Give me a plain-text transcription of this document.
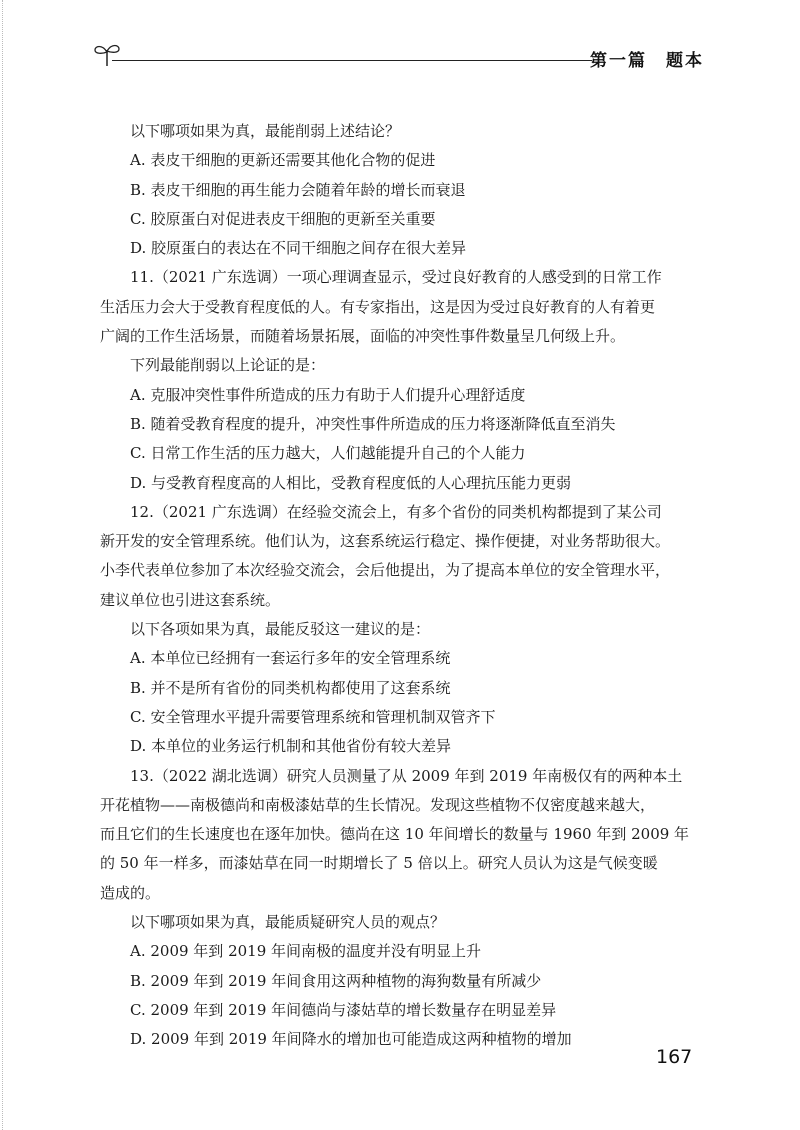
第一篇　题本

以下哪项如果为真，最能削弱上述结论？

A. 表皮干细胞的更新还需要其他化合物的促进

B. 表皮干细胞的再生能力会随着年龄的增长而衰退

C. 胶原蛋白对促进表皮干细胞的更新至关重要

D. 胶原蛋白的表达在不同干细胞之间存在很大差异

11.（2021 广东选调）一项心理调查显示，受过良好教育的人感受到的日常工作

生活压力会大于受教育程度低的人。有专家指出，这是因为受过良好教育的人有着更

广阔的工作生活场景，而随着场景拓展，面临的冲突性事件数量呈几何级上升。

下列最能削弱以上论证的是：

A. 克服冲突性事件所造成的压力有助于人们提升心理舒适度

B. 随着受教育程度的提升，冲突性事件所造成的压力将逐渐降低直至消失

C. 日常工作生活的压力越大，人们越能提升自己的个人能力

D. 与受教育程度高的人相比，受教育程度低的人心理抗压能力更弱

12.（2021 广东选调）在经验交流会上，有多个省份的同类机构都提到了某公司

新开发的安全管理系统。他们认为，这套系统运行稳定、操作便捷，对业务帮助很大。

小李代表单位参加了本次经验交流会，会后他提出，为了提高本单位的安全管理水平，

建议单位也引进这套系统。

以下各项如果为真，最能反驳这一建议的是：

A. 本单位已经拥有一套运行多年的安全管理系统

B. 并不是所有省份的同类机构都使用了这套系统

C. 安全管理水平提升需要管理系统和管理机制双管齐下

D. 本单位的业务运行机制和其他省份有较大差异

13.（2022 湖北选调）研究人员测量了从 2009 年到 2019 年南极仅有的两种本土

开花植物——南极德尚和南极漆姑草的生长情况。发现这些植物不仅密度越来越大，

而且它们的生长速度也在逐年加快。德尚在这 10 年间增长的数量与 1960 年到 2009 年

的 50 年一样多，而漆姑草在同一时期增长了 5 倍以上。研究人员认为这是气候变暖

造成的。

以下哪项如果为真，最能质疑研究人员的观点？

A. 2009 年到 2019 年间南极的温度并没有明显上升

B. 2009 年到 2019 年间食用这两种植物的海狗数量有所减少

C. 2009 年到 2019 年间德尚与漆姑草的增长数量存在明显差异

D. 2009 年到 2019 年间降水的增加也可能造成这两种植物的增加

167
